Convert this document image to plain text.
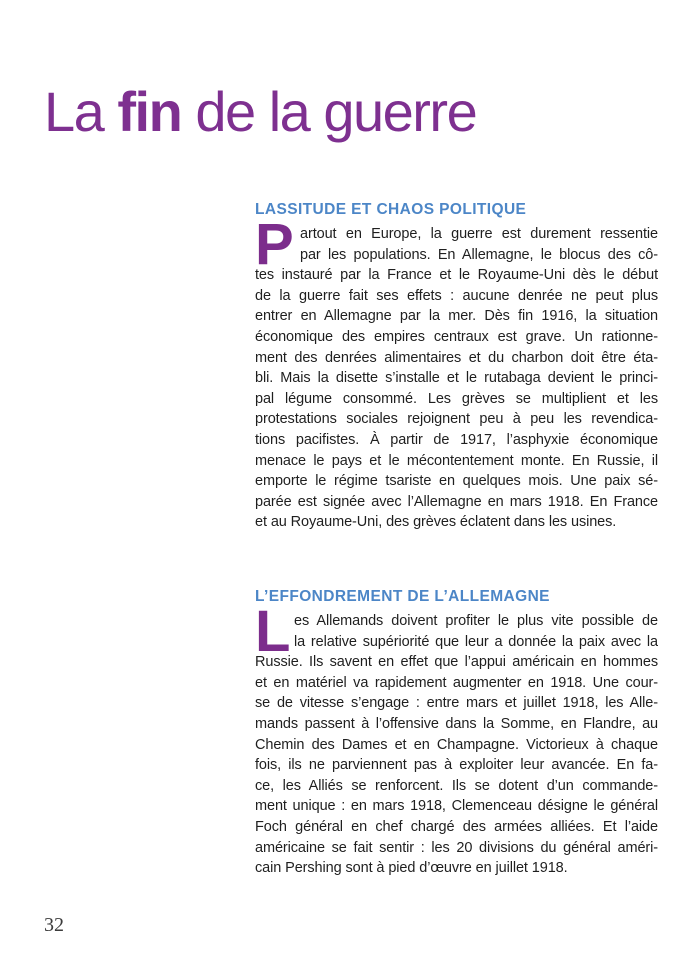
La fin de la guerre
LASSITUDE ET CHAOS POLITIQUE
P artout en Europe, la guerre est durement ressentie
par les populations. En Allemagne, le blocus des cô-
tes instauré par la France et le Royaume-Uni dès le début
de la guerre fait ses effets : aucune denrée ne peut plus
entrer en Allemagne par la mer. Dès fin 1916, la situation
économique des empires centraux est grave. Un rationne-
ment des denrées alimentaires et du charbon doit être éta-
bli. Mais la disette s’installe et le rutabaga devient le princi-
pal légume consommé. Les grèves se multiplient et les
protestations sociales rejoignent peu à peu les revendica-
tions pacifistes. À partir de 1917, l’asphyxie économique
menace le pays et le mécontentement monte. En Russie, il
emporte le régime tsariste en quelques mois. Une paix sé-
parée est signée avec l’Allemagne en mars 1918. En France
et au Royaume-Uni, des grèves éclatent dans les usines.
L’EFFONDREMENT DE L’ALLEMAGNE
L es Allemands doivent profiter le plus vite possible de
la relative supériorité que leur a donnée la paix avec la
Russie. Ils savent en effet que l’appui américain en hommes
et en matériel va rapidement augmenter en 1918. Une cour-
se de vitesse s’engage : entre mars et juillet 1918, les Alle-
mands passent à l’offensive dans la Somme, en Flandre, au
Chemin des Dames et en Champagne. Victorieux à chaque
fois, ils ne parviennent pas à exploiter leur avancée. En fa-
ce, les Alliés se renforcent. Ils se dotent d’un commande-
ment unique : en mars 1918, Clemenceau désigne le général
Foch général en chef chargé des armées alliées. Et l’aide
américaine se fait sentir : les 20 divisions du général améri-
cain Pershing sont à pied d’œuvre en juillet 1918.
32
